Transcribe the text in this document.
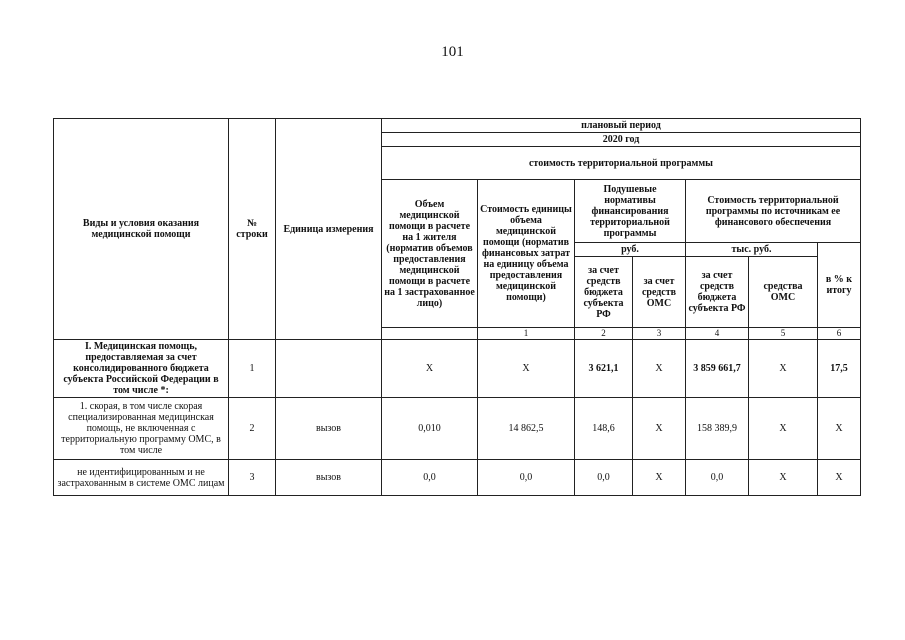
101
Виды и условия оказания медицинской помощи	№ строки	Единица измерения	плановый период							
			2020 год							
			стоимость территориальной программы							
			Объем медицинской помощи в расчете на 1 жителя (норматив объемов предоставления медицинской помощи в расчете на 1 застрахованное лицо)	Стоимость единицы объема медицинской помощи (норматив финансовых затрат на единицу объема предоставления медицинской помощи)	Подушевые нормативы финансирования территориальной программы		Стоимость территориальной программы по источникам ее финансового обеспечения			
					руб.		тыс. руб.		в % к итогу	
					за счет средств бюджета субъекта РФ	за счет средств ОМС	за счет средств бюджета субъекта РФ	средства ОМС		
				1	2	3	4	5	6			
I. Медицинская помощь, предоставляемая за счет консолидированного бюджета субъекта Российской Федерации в том числе *:	1		X	X	3 621,1	X	3 859 661,7	X	17,5	
1. скорая, в том числе скорая специализированная медицинская помощь, не включенная с территориальную программу ОМС, в том числе	2	вызов	0,010	14 862,5	148,6	X	158 389,9	X	X	
не идентифицированным и не застрахованным в системе ОМС лицам	3	вызов	0,0	0,0	0,0	X	0,0	X	X	
